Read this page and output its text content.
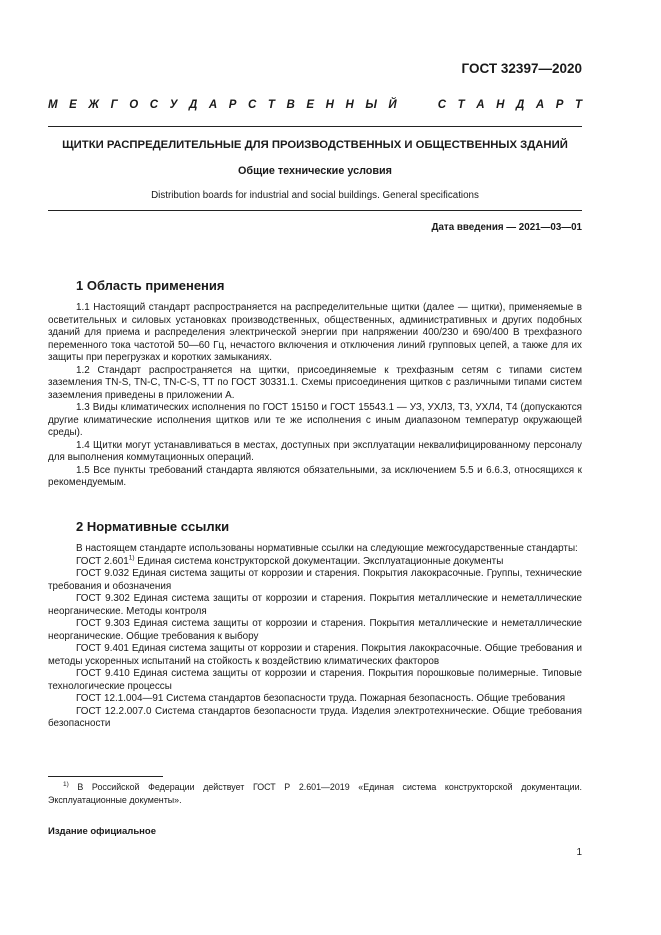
ГОСТ 32397—2020
М Е Ж Г О С У Д А Р С Т В Е Н Н Ы Й

	С Т А Н Д А Р Т
ЩИТКИ РАСПРЕДЕЛИТЕЛЬНЫЕ ДЛЯ ПРОИЗВОДСТВЕННЫХ И ОБЩЕСТВЕННЫХ ЗДАНИЙ
Общие технические условия
Distribution boards for industrial and social buildings. General specifications
Дата введения — 2021—03—01
1 Область применения

1.1 Настоящий стандарт распространяется на распределительные щитки (далее — щитки), применяемые в осветительных и силовых установках производственных, общественных, административных и других подобных зданий для приема и распределения электрической энергии при напряжении 400/230 и 690/400 В трехфазного переменного тока частотой 50—60 Гц, нечастого включения и отключения линий групповых цепей, а также для их защиты при перегрузках и коротких замыканиях.

1.2 Стандарт распространяется на щитки, присоединяемые к трехфазным сетям с типами систем заземления TN-S, TN-C, TN-C-S, TT по ГОСТ 30331.1. Схемы присоединения щитков с различными типами систем заземления приведены в приложении А.

1.3 Виды климатических исполнения по ГОСТ 15150 и ГОСТ 15543.1 — УЗ, УХЛ3, Т3, УХЛ4, Т4 (допускаются другие климатические исполнения щитков или те же исполнения с иным диапазоном температур окружающей среды).

1.4 Щитки могут устанавливаться в местах, доступных при эксплуатации неквалифицированному персоналу для выполнения коммутационных операций.

1.5 Все пункты требований стандарта являются обязательными, за исключением 5.5 и 6.6.3, относящихся к рекомендуемым.

2 Нормативные ссылки

В настоящем стандарте использованы нормативные ссылки на следующие межгосударственные стандарты:

ГОСТ 2.601$^{1)}$ Единая система конструкторской документации. Эксплуатационные документы

ГОСТ 9.032 Единая система защиты от коррозии и старения. Покрытия лакокрасочные. Группы, технические требования и обозначения

ГОСТ 9.302 Единая система защиты от коррозии и старения. Покрытия металлические и неметаллические неорганические. Методы контроля

ГОСТ 9.303 Единая система защиты от коррозии и старения. Покрытия металлические и неметаллические неорганические. Общие требования к выбору

ГОСТ 9.401 Единая система защиты от коррозии и старения. Покрытия лакокрасочные. Общие требования и методы ускоренных испытаний на стойкость к воздействию климатических факторов

ГОСТ 9.410 Единая система защиты от коррозии и старения. Покрытия порошковые полимерные. Типовые технологические процессы

ГОСТ 12.1.004—91 Система стандартов безопасности труда. Пожарная безопасность. Общие требования

ГОСТ 12.2.007.0 Система стандартов безопасности труда. Изделия электротехнические. Общие требования безопасности

$^{1)}$ В Российской Федерации действует ГОСТ Р 2.601—2019 «Единая система конструкторской документации. Эксплуатационные документы».

Издание официальное
1
